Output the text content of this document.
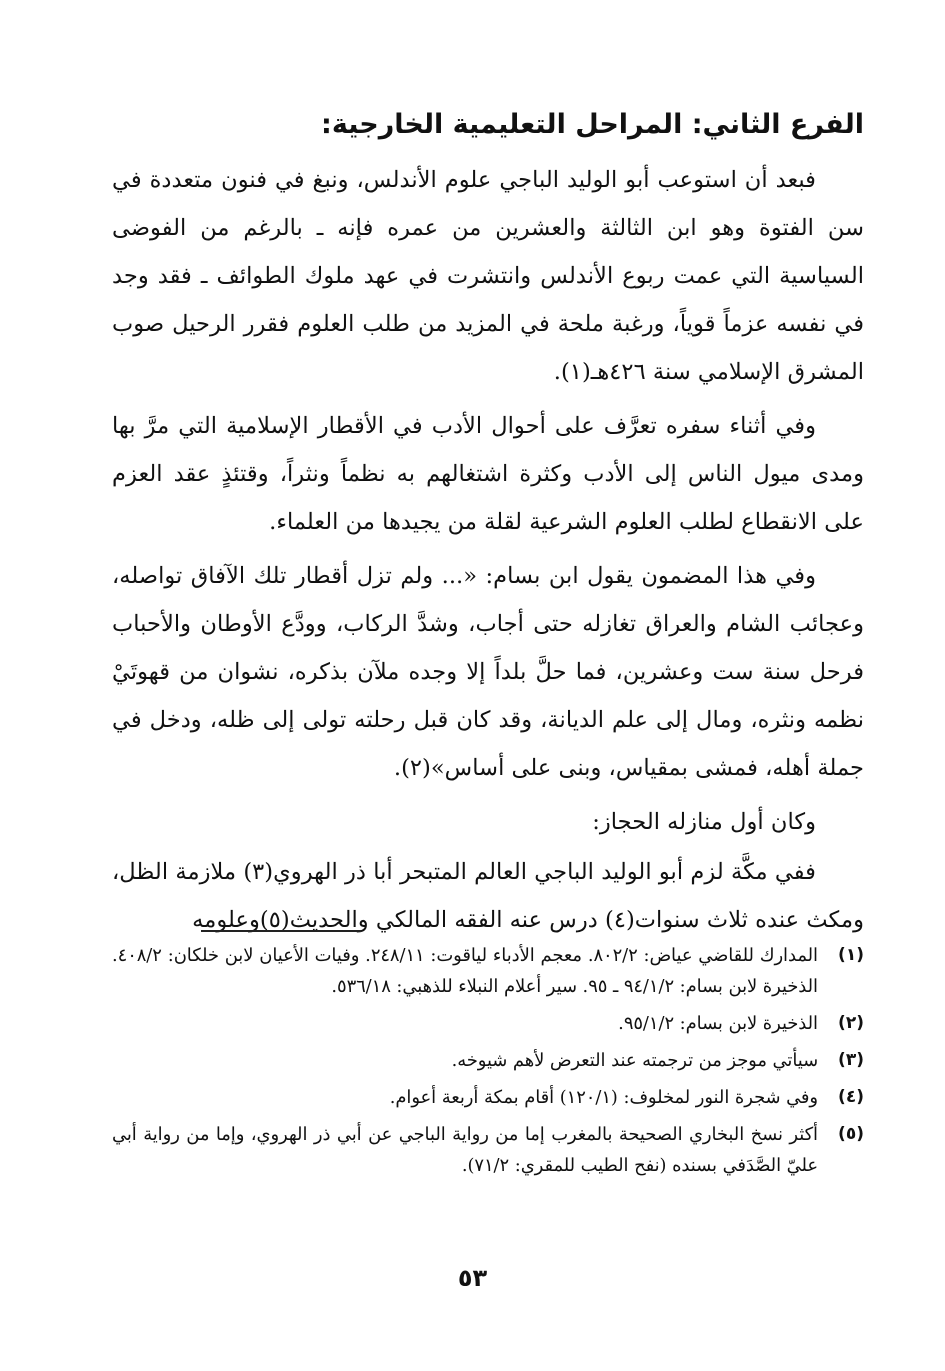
الفرع الثاني: المراحل التعليمية الخارجية:

فبعد أن استوعب أبو الوليد الباجي علوم الأندلس، ونبغ في فنون متعددة في سن الفتوة وهو ابن الثالثة والعشرين من عمره فإنه ـ بالرغم من الفوضى السياسية التي عمت ربوع الأندلس وانتشرت في عهد ملوك الطوائف ـ فقد وجد في نفسه عزماً قوياً، ورغبة ملحة في المزيد من طلب العلوم فقرر الرحيل صوب المشرق الإسلامي سنة ٤٢٦هـ(١).

وفي أثناء سفره تعرَّف على أحوال الأدب في الأقطار الإسلامية التي مرَّ بها ومدى ميول الناس إلى الأدب وكثرة اشتغالهم به نظماً ونثراً، وقتئذٍ عقد العزم على الانقطاع لطلب العلوم الشرعية لقلة من يجيدها من العلماء.

وفي هذا المضمون يقول ابن بسام: «... ولم تزل أقطار تلك الآفاق تواصله، وعجائب الشام والعراق تغازله حتى أجاب، وشدَّ الركاب، وودَّع الأوطان والأحباب فرحل سنة ست وعشرين، فما حلَّ بلداً إلا وجده ملآن بذكره، نشوان من قهوتَيْ نظمه ونثره، ومال إلى علم الديانة، وقد كان قبل رحلته تولى إلى ظله، ودخل في جملة أهله، فمشى بمقياس، وبنى على أساس»(٢).

وكان أول منازله الحجاز:

ففي مكَّة لزم أبو الوليد الباجي العالم المتبحر أبا ذر الهروي(٣) ملازمة الظل، ومكث عنده ثلاث سنوات(٤) درس عنه الفقه المالكي والحديث(٥)وعلومه

(١)
المدارك للقاضي عياض: ٨٠٢/٢. معجم الأدباء لياقوت: ٢٤٨/١١. وفيات الأعيان لابن خلكان: ٤٠٨/٢. الذخيرة لابن بسام: ٩٤/١/٢ ـ ٩٥. سير أعلام النبلاء للذهبي: ٥٣٦/١٨.
(٢)
الذخيرة لابن بسام: ٩٥/١/٢.
(٣)
سيأتي موجز من ترجمته عند التعرض لأهم شيوخه.
(٤)
وفي شجرة النور لمخلوف: (١٢٠/١) أقام بمكة أربعة أعوام.
(٥)
أكثر نسخ البخاري الصحيحة بالمغرب إما من رواية الباجي عن أبي ذر الهروي، وإما من رواية أبي عليّ الصَّدَفي بسنده (نفح الطيب للمقري: ٧١/٢).
٥٣
